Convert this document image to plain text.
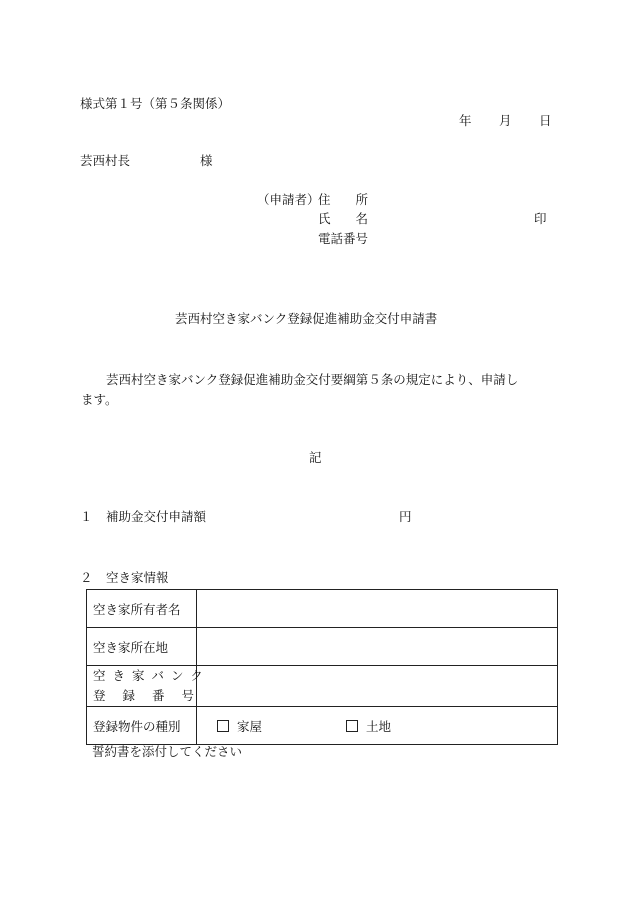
様式第１号（第５条関係）
年 月 日
芸西村長	様
（申請者）
住　　所
氏　　名	印
電話番号
芸西村空き家バンク登録促進補助金交付申請書
芸西村空き家バンク登録促進補助金交付要綱第５条の規定により、申請し
ます。
記
１ 補助金交付申請額	円
２ 空き家情報
空き家所有者名	
空き家所在地	

空き家バンク
登録番号	

登録物件の種別	家屋 土地
誓約書を添付してください
